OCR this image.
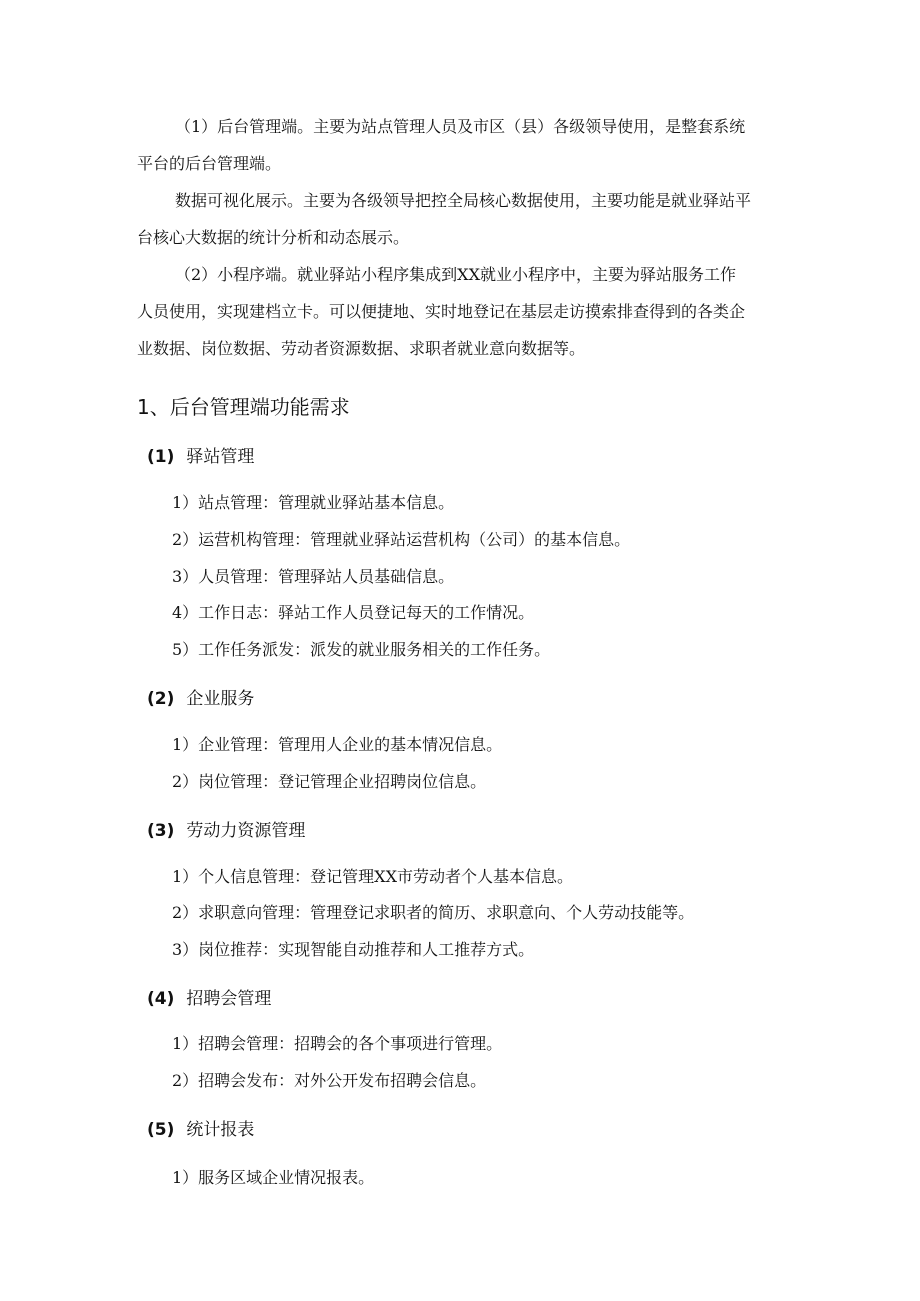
（1）后台管理端。主要为站点管理人员及市区（县）各级领导使用，是整套系统
平台的后台管理端。

数据可视化展示。主要为各级领导把控全局核心数据使用，主要功能是就业驿站平
台核心大数据的统计分析和动态展示。

（2）小程序端。就业驿站小程序集成到XX就业小程序中，主要为驿站服务工作
人员使用，实现建档立卡。可以便捷地、实时地登记在基层走访摸索排查得到的各类企
业数据、岗位数据、劳动者资源数据、求职者就业意向数据等。

1、后台管理端功能需求
(1) 驿站管理

1）站点管理：管理就业驿站基本信息。

2）运营机构管理：管理就业驿站运营机构（公司）的基本信息。

3）人员管理：管理驿站人员基础信息。

4）工作日志：驿站工作人员登记每天的工作情况。

5）工作任务派发：派发的就业服务相关的工作任务。

(2) 企业服务

1）企业管理：管理用人企业的基本情况信息。

2）岗位管理：登记管理企业招聘岗位信息。

(3) 劳动力资源管理

1）个人信息管理：登记管理XX市劳动者个人基本信息。

2）求职意向管理：管理登记求职者的简历、求职意向、个人劳动技能等。

3）岗位推荐：实现智能自动推荐和人工推荐方式。

(4) 招聘会管理

1）招聘会管理：招聘会的各个事项进行管理。

2）招聘会发布：对外公开发布招聘会信息。

(5) 统计报表

1）服务区域企业情况报表。
